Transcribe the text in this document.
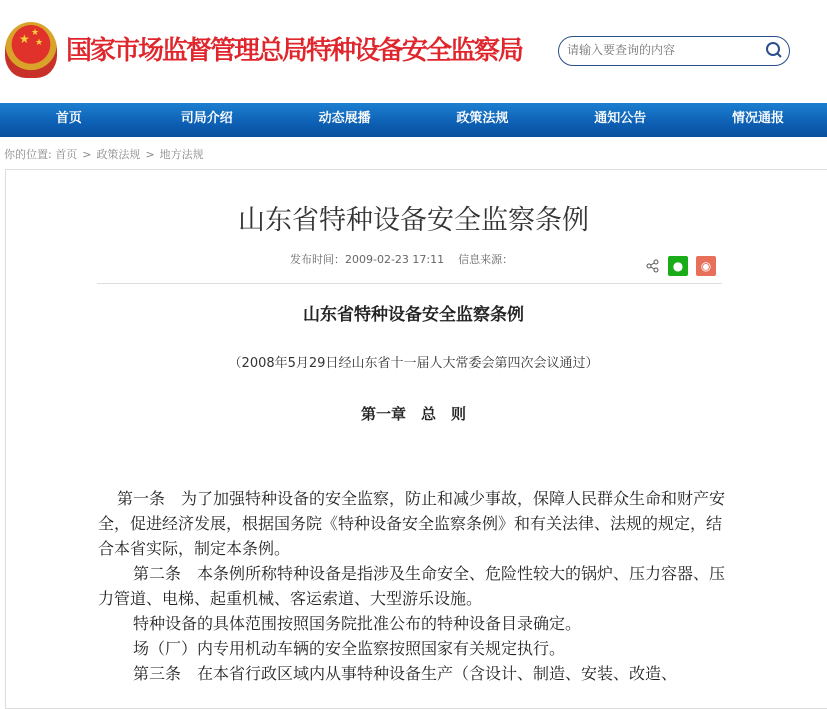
★ ★
★ 国家市场监督管理总局特种设备安全监察局
请输入要查询的内容
首页	司局介绍	动态展播	政策法规	通知公告	情况通报
你的位置: 首页 > 政策法规 > 地方法规
山东省特种设备安全监察条例
发布时间：2009-02-23 17:11 信息来源：	●	◉
山东省特种设备安全监察条例
（2008年5月29日经山东省十一届人大常委会第四次会议通过）
第一章　总　则

第一条　为了加强特种设备的安全监察，防止和减少事故，保障人民群众生命和财产安全，促进经济发展，根据国务院《特种设备安全监察条例》和有关法律、法规的规定，结合本省实际，制定本条例。

第二条　本条例所称特种设备是指涉及生命安全、危险性较大的锅炉、压力容器、压力管道、电梯、起重机械、客运索道、大型游乐设施。

特种设备的具体范围按照国务院批准公布的特种设备目录确定。

场（厂）内专用机动车辆的安全监察按照国家有关规定执行。

第三条　在本省行政区域内从事特种设备生产（含设计、制造、安装、改造、
